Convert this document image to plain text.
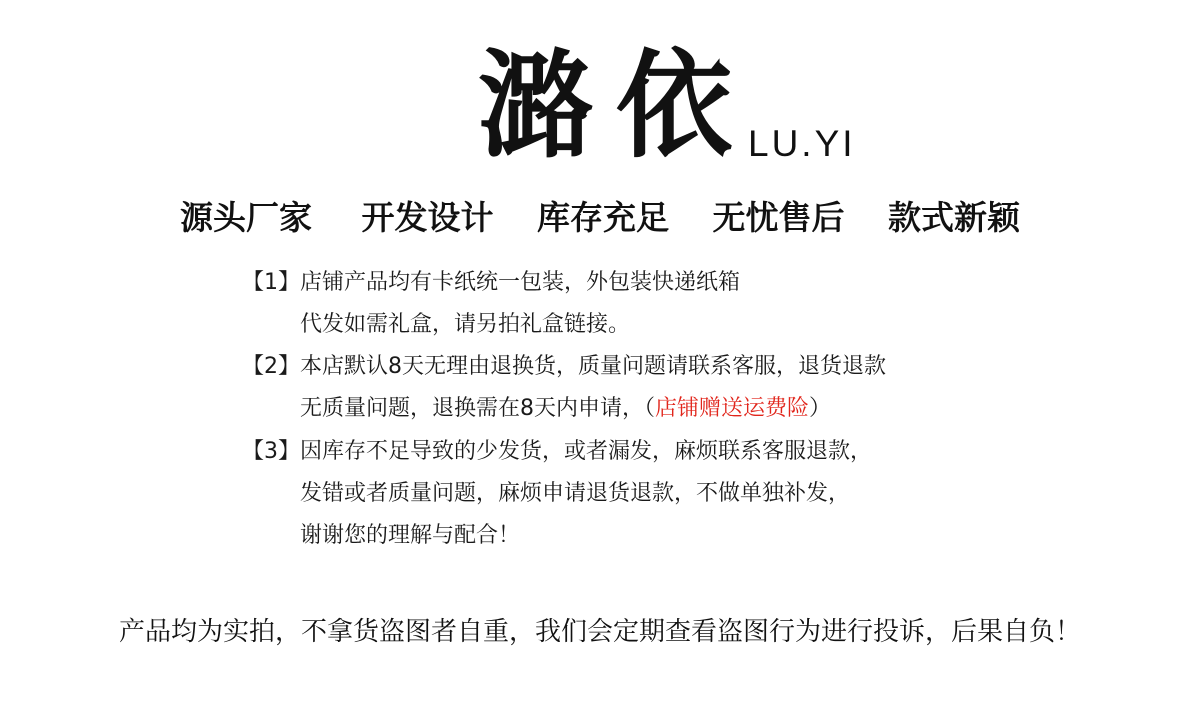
潞依
LU.YI
源头厂家 开发设计 库存充足 无忧售后 款式新颖
【1】店铺产品均有卡纸统一包装，外包装快递纸箱
代发如需礼盒，请另拍礼盒链接。
【2】本店默认8天无理由退换货，质量问题请联系客服，退货退款
无质量问题，退换需在8天内申请，（店铺赠送运费险）
【3】因库存不足导致的少发货，或者漏发，麻烦联系客服退款，
发错或者质量问题，麻烦申请退货退款，不做单独补发，
谢谢您的理解与配合！
产品均为实拍，不拿货盗图者自重，我们会定期查看盗图行为进行投诉，后果自负！
